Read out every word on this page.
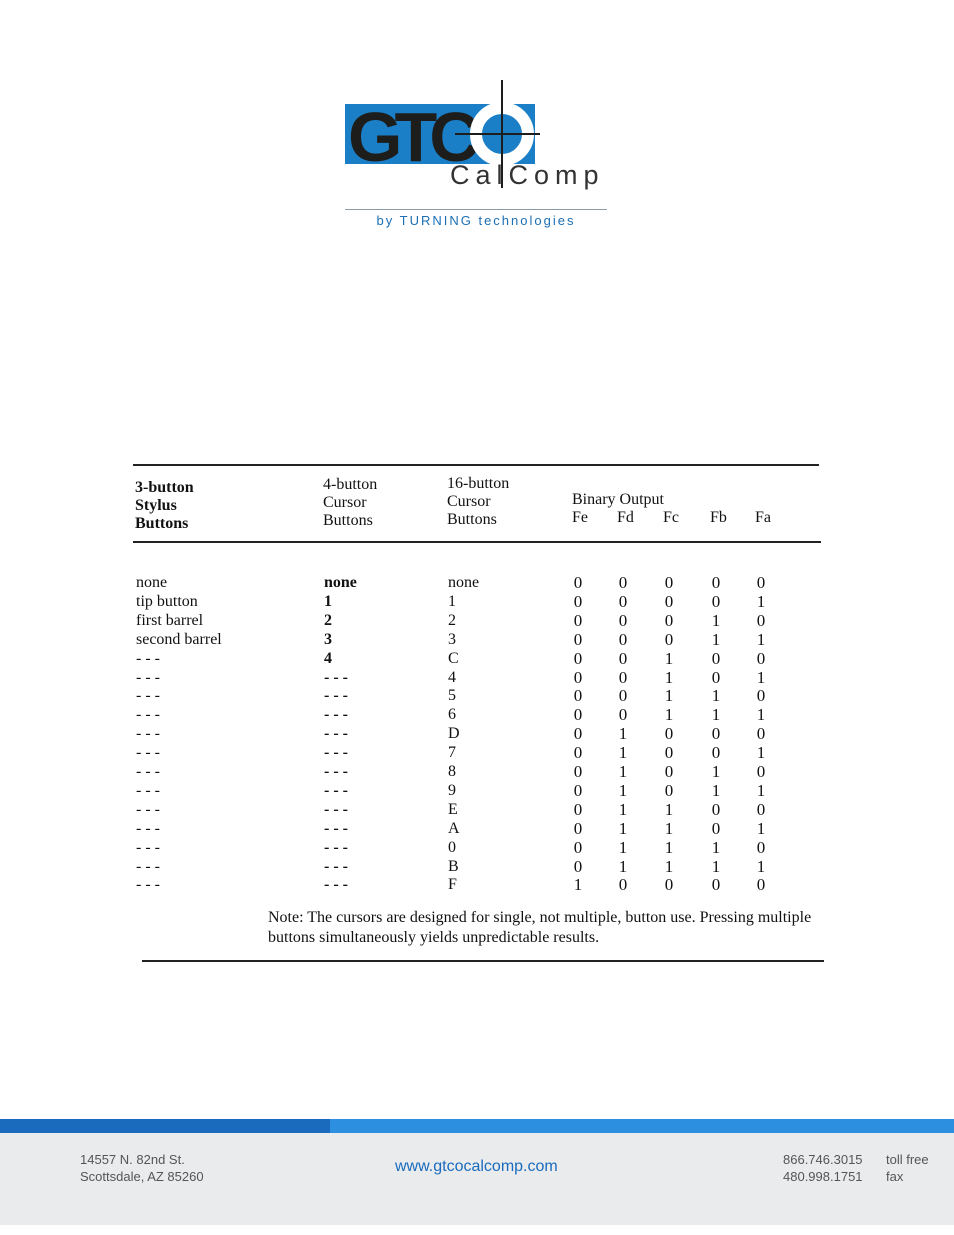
GTC
CalComp
by TURNING technologies
3-button
Stylus
Buttons
4-button
Cursor
Buttons
16-button
Cursor
Buttons
Binary Output
Fe Fd Fc Fb Fa
none	none	none	0	0	0	0	0
tip button	1	1	0	0	0	0	1
first barrel	2	2	0	0	0	1	0
second barrel	3	3	0	0	0	1	1
- - -	4	C	0	0	1	0	0
- - -	- - -	4	0	0	1	0	1
- - -	- - -	5	0	0	1	1	0
- - -	- - -	6	0	0	1	1	1
- - -	- - -	D	0	1	0	0	0
- - -	- - -	7	0	1	0	0	1
- - -	- - -	8	0	1	0	1	0
- - -	- - -	9	0	1	0	1	1
- - -	- - -	E	0	1	1	0	0
- - -	- - -	A	0	1	1	0	1
- - -	- - -	0	0	1	1	1	0
- - -	- - -	B	0	1	1	1	1
- - -	- - -	F	1	0	0	0	0
Note: The cursors are designed for single, not multiple, button use. Pressing multiple buttons simultaneously yields unpredictable results.
14557 N. 82nd St.
Scottsdale, AZ 85260
www.gtcocalcomp.com	866.746.3015
480.998.1751
toll free
fax
